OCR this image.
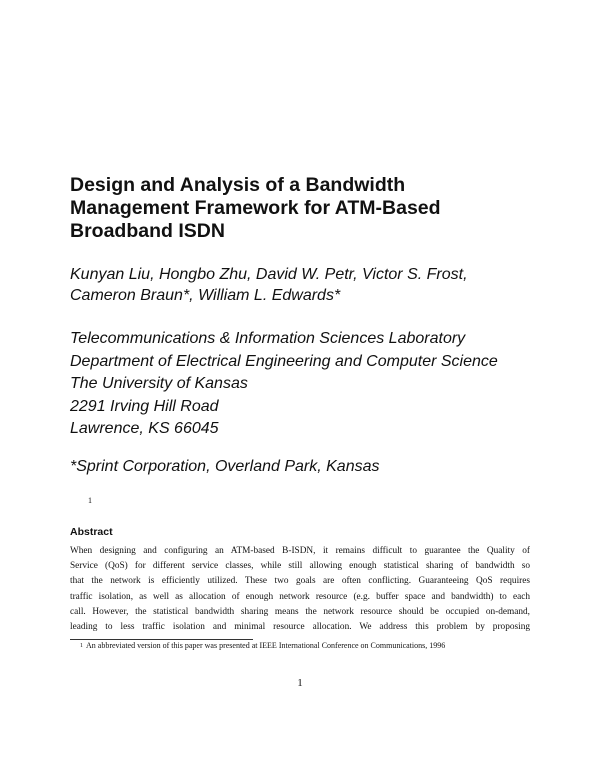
Design and Analysis of a Bandwidth
Management Framework for ATM-Based
Broadband ISDN

Kunyan Liu, Hongbo Zhu, David W. Petr, Victor S. Frost,
Cameron Braun*, William L. Edwards*

Telecommunications & Information Sciences Laboratory
Department of Electrical Engineering and Computer Science
The University of Kansas
2291 Irving Hill Road
Lawrence, KS 66045

*Sprint Corporation, Overland Park, Kansas

1
Abstract

When designing and configuring an ATM-based B-ISDN, it remains difficult to guarantee the Quality of
Service (QoS) for different service classes, while still allowing enough statistical sharing of bandwidth so
that the network is efficiently utilized. These two goals are often conflicting. Guaranteeing QoS requires
traffic isolation, as well as allocation of enough network resource (e.g. buffer space and bandwidth) to each
call. However, the statistical bandwidth sharing means the network resource should be occupied on-demand,
leading to less traffic isolation and minimal resource allocation. We address this problem by proposing

$^1$ An abbreviated version of this paper was presented at IEEE International Conference on Communications, 1996

1
